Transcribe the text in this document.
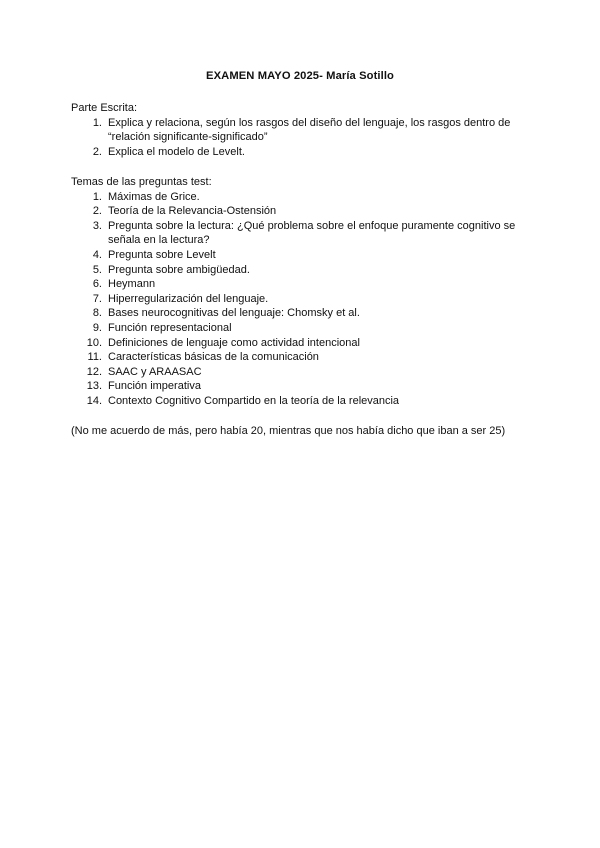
EXAMEN MAYO 2025- María Sotillo
Parte Escrita:
1. Explica y relaciona, según los rasgos del diseño del lenguaje, los rasgos dentro de “relación significante-significado”
2. Explica el modelo de Levelt.
Temas de las preguntas test:
1. Máximas de Grice.
2. Teoría de la Relevancia-Ostensión
3. Pregunta sobre la lectura: ¿Qué problema sobre el enfoque puramente cognitivo se señala en la lectura?
4. Pregunta sobre Levelt
5. Pregunta sobre ambigüedad.
6. Heymann
7. Hiperregularización del lenguaje.
8. Bases neurocognitivas del lenguaje: Chomsky et al.
9. Función representacional
10. Definiciones de lenguaje como actividad intencional
11. Características básicas de la comunicación
12. SAAC y ARAASAC
13. Función imperativa
14. Contexto Cognitivo Compartido en la teoría de la relevancia
(No me acuerdo de más, pero había 20, mientras que nos había dicho que iban a ser 25)
